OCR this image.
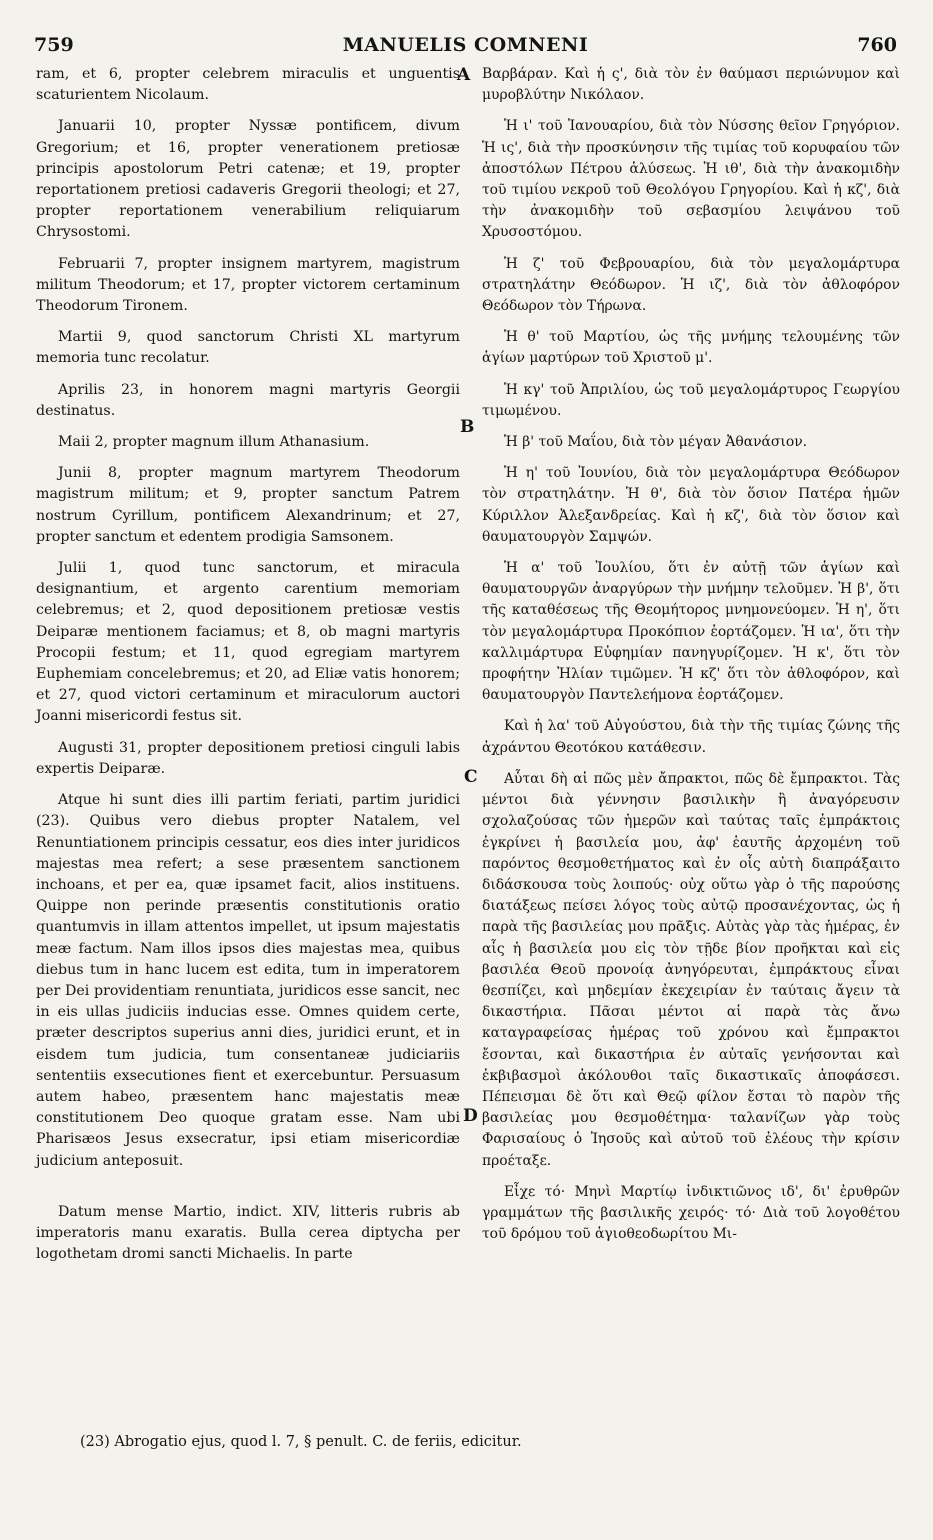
759	MANUELIS COMNENI	760
A
B
C
D

ram, et 6, propter celebrem miraculis et unguentis scaturientem Nicolaum.

Januarii 10, propter Nyssæ pontificem, divum Gregorium; et 16, propter venerationem pretiosæ principis apostolorum Petri catenæ; et 19, propter reportationem pretiosi cadaveris Gregorii theologi; et 27, propter reportationem venerabilium reliquiarum Chrysostomi.

Februarii 7, propter insignem martyrem, magistrum militum Theodorum; et 17, propter victorem certaminum Theodorum Tironem.

Martii 9, quod sanctorum Christi XL martyrum memoria tunc recolatur.

Aprilis 23, in honorem magni martyris Georgii destinatus.

Maii 2, propter magnum illum Athanasium.

Junii 8, propter magnum martyrem Theodorum magistrum militum; et 9, propter sanctum Patrem nostrum Cyrillum, pontificem Alexandrinum; et 27, propter sanctum et edentem prodigia Samsonem.

Julii 1, quod tunc sanctorum, et miracula designantium, et argento carentium memoriam celebremus; et 2, quod depositionem pretiosæ vestis Deiparæ mentionem faciamus; et 8, ob magni martyris Procopii festum; et 11, quod egregiam martyrem Euphemiam concelebremus; et 20, ad Eliæ vatis honorem; et 27, quod victori certaminum et miraculorum auctori Joanni misericordi festus sit.

Augusti 31, propter depositionem pretiosi cinguli labis expertis Deiparæ.

Atque hi sunt dies illi partim feriati, partim juridici (23). Quibus vero diebus propter Natalem, vel Renuntiationem principis cessatur, eos dies inter juridicos majestas mea refert; a sese præsentem sanctionem inchoans, et per ea, quæ ipsamet facit, alios instituens. Quippe non perinde præsentis constitutionis oratio quantumvis in illam attentos impellet, ut ipsum majestatis meæ factum. Nam illos ipsos dies majestas mea, quibus diebus tum in hanc lucem est edita, tum in imperatorem per Dei providentiam renuntiata, juridicos esse sancit, nec in eis ullas judiciis inducias esse. Omnes quidem certe, præter descriptos superius anni dies, juridici erunt, et in eisdem tum judicia, tum consentaneæ judiciariis sententiis exsecutiones fient et exercebuntur. Persuasum autem habeo, præsentem hanc majestatis meæ constitutionem Deo quoque gratam esse. Nam ubi Pharisæos Jesus exsecratur, ipsi etiam misericordiæ judicium anteposuit.

Datum mense Martio, indict. XIV, litteris rubris ab imperatoris manu exaratis. Bulla cerea diptycha per logothetam dromi sancti Michaelis. In parte

Βαρβάραν. Καὶ ἡ ς', διὰ τὸν ἐν θαύμασι περιώνυμον καὶ μυροβλύτην Νικόλαον.

Ἡ ι' τοῦ Ἰανουαρίου, διὰ τὸν Νύσσης θεῖον Γρηγόριον. Ἡ ις', διὰ τὴν προσκύνησιν τῆς τιμίας τοῦ κορυφαίου τῶν ἀποστόλων Πέτρου ἁλύσεως. Ἡ ιθ', διὰ τὴν ἀνακομιδὴν τοῦ τιμίου νεκροῦ τοῦ Θεολόγου Γρηγορίου. Καὶ ἡ κζ', διὰ τὴν ἀνακομιδὴν τοῦ σεβασμίου λειψάνου τοῦ Χρυσοστόμου.

Ἡ ζ' τοῦ Φεβρουαρίου, διὰ τὸν μεγαλομάρτυρα στρατηλάτην Θεόδωρον. Ἡ ιζ', διὰ τὸν ἀθλοφόρον Θεόδωρον τὸν Τήρωνα.

Ἡ θ' τοῦ Μαρτίου, ὡς τῆς μνήμης τελουμένης τῶν ἁγίων μαρτύρων τοῦ Χριστοῦ μ'.

Ἡ κγ' τοῦ Ἀπριλίου, ὡς τοῦ μεγαλομάρτυρος Γεωργίου τιμωμένου.

Ἡ β' τοῦ Μαΐου, διὰ τὸν μέγαν Ἀθανάσιον.

Ἡ η' τοῦ Ἰουνίου, διὰ τὸν μεγαλομάρτυρα Θεόδωρον τὸν στρατηλάτην. Ἡ θ', διὰ τὸν ὅσιον Πατέρα ἡμῶν Κύριλλον Ἀλεξανδρείας. Καὶ ἡ κζ', διὰ τὸν ὅσιον καὶ θαυματουργὸν Σαμψών.

Ἡ α' τοῦ Ἰουλίου, ὅτι ἐν αὐτῇ τῶν ἁγίων καὶ θαυματουργῶν ἀναργύρων τὴν μνήμην τελοῦμεν. Ἡ β', ὅτι τῆς καταθέσεως τῆς Θεομήτορος μνημονεύομεν. Ἡ η', ὅτι τὸν μεγαλομάρτυρα Προκόπιον ἑορτάζομεν. Ἡ ια', ὅτι τὴν καλλιμάρτυρα Εὐφημίαν πανηγυρίζομεν. Ἡ κ', ὅτι τὸν προφήτην Ἠλίαν τιμῶμεν. Ἡ κζ' ὅτι τὸν ἀθλοφόρον, καὶ θαυματουργὸν Παντελεήμονα ἑορτάζομεν.

Καὶ ἡ λα' τοῦ Αὐγούστου, διὰ τὴν τῆς τιμίας ζώνης τῆς ἀχράντου Θεοτόκου κατάθεσιν.

Αὗται δὴ αἱ πῶς μὲν ἄπρακτοι, πῶς δὲ ἔμπρακτοι. Τὰς μέντοι διὰ γέννησιν βασιλικὴν ἢ ἀναγόρευσιν σχολαζούσας τῶν ἡμερῶν καὶ ταύτας ταῖς ἐμπράκτοις ἐγκρίνει ἡ βασιλεία μου, ἀφ' ἑαυτῆς ἀρχομένη τοῦ παρόντος θεσμοθετήματος καὶ ἐν οἷς αὐτὴ διαπράξαιτο διδάσκουσα τοὺς λοιπούς· οὐχ οὕτω γὰρ ὁ τῆς παρούσης διατάξεως πείσει λόγος τοὺς αὐτῷ προσανέχοντας, ὡς ἡ παρὰ τῆς βασιλείας μου πρᾶξις. Αὐτὰς γὰρ τὰς ἡμέρας, ἐν αἷς ἡ βασιλεία μου εἰς τὸν τῇδε βίον προῆκται καὶ εἰς βασιλέα Θεοῦ προνοίᾳ ἀνηγόρευται, ἐμπράκτους εἶναι θεσπίζει, καὶ μηδεμίαν ἐκεχειρίαν ἐν ταύταις ἄγειν τὰ δικαστήρια. Πᾶσαι μέντοι αἱ παρὰ τὰς ἄνω καταγραφείσας ἡμέρας τοῦ χρόνου καὶ ἔμπρακτοι ἔσονται, καὶ δικαστήρια ἐν αὐταῖς γενήσονται καὶ ἐκβιβασμοὶ ἀκόλουθοι ταῖς δικαστικαῖς ἀποφάσεσι. Πέπεισμαι δὲ ὅτι καὶ Θεῷ φίλον ἔσται τὸ παρὸν τῆς βασιλείας μου θεσμοθέτημα· ταλανίζων γὰρ τοὺς Φαρισαίους ὁ Ἰησοῦς καὶ αὐτοῦ τοῦ ἐλέους τὴν κρίσιν προέταξε.

Εἶχε τό· Μηνὶ Μαρτίῳ ἰνδικτιῶνος ιδ', δι' ἐρυθρῶν γραμμάτων τῆς βασιλικῆς χειρός· τό· Διὰ τοῦ λογοθέτου τοῦ δρόμου τοῦ ἁγιοθεοδωρίτου Μι-

(23) Abrogatio ejus, quod l. 7, § penult. C. de feriis, edicitur.
